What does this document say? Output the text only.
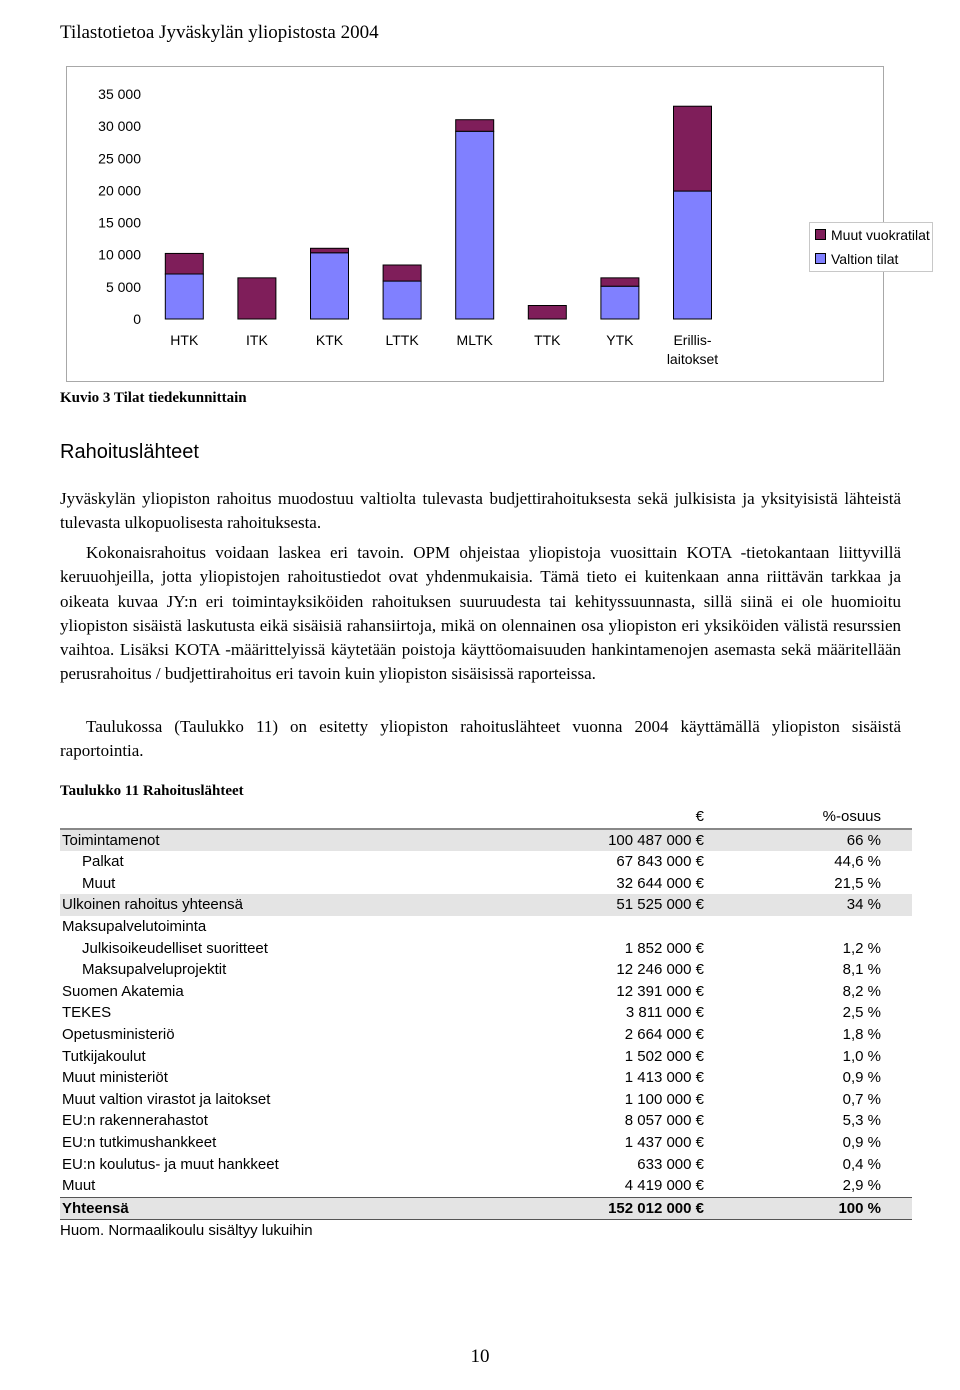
Tilastotietoa Jyväskylän yliopistosta 2004
0
5 000
10 000
15 000
20 000
25 000
30 000
35 000
HTK	ITK	KTK	LTTK	MLTK	TTK	YTK	Erillis-
laitokset
Muut vuokratilat
Valtion tilat
Kuvio 3 Tilat tiedekunnittain
Rahoituslähteet
Jyväskylän yliopiston rahoitus muodostuu valtiolta tulevasta budjettirahoituksesta sekä julkisista ja yksityisistä lähteistä tulevasta ulkopuolisesta rahoituksesta.
Kokonaisrahoitus voidaan laskea eri tavoin. OPM ohjeistaa yliopistoja vuosittain KOTA -tietokantaan liittyvillä keruuohjeilla, jotta yliopistojen rahoitustiedot ovat yhdenmukaisia. Tämä tieto ei kuitenkaan anna riittävän tarkkaa ja oikeata kuvaa JY:n eri toimintayksiköiden rahoituksen suuruudesta tai kehityssuunnasta, sillä siinä ei ole huomioitu yliopiston sisäistä laskutusta eikä sisäisiä rahansiirtoja, mikä on olennainen osa yliopiston eri yksiköiden välistä resurssien vaihtoa. Lisäksi KOTA -määrittelyissä käytetään poistoja käyttöomaisuuden hankintamenojen asemasta sekä määritellään perusrahoitus / budjettirahoitus eri tavoin kuin yliopiston sisäisissä raporteissa.
Taulukossa (Taulukko 11) on esitetty yliopiston rahoituslähteet vuonna 2004 käyttämällä yliopiston sisäistä raportointia.
Taulukko 11 Rahoituslähteet
	€	%-osuus
Toimintamenot	100 487 000 €	66 %
Palkat	67 843 000 €	44,6 %
Muut	32 644 000 €	21,5 %
Ulkoinen rahoitus yhteensä	51 525 000 €	34 %
Maksupalvelutoiminta		
Julkisoikeudelliset suoritteet	1 852 000 €	1,2 %
Maksupalveluprojektit	12 246 000 €	8,1 %
Suomen Akatemia	12 391 000 €	8,2 %
TEKES	3 811 000 €	2,5 %
Opetusministeriö	2 664 000 €	1,8 %
Tutkijakoulut	1 502 000 €	1,0 %
Muut ministeriöt	1 413 000 €	0,9 %
Muut valtion virastot ja laitokset	1 100 000 €	0,7 %
EU:n rakennerahastot	8 057 000 €	5,3 %
EU:n tutkimushankkeet	1 437 000 €	0,9 %
EU:n koulutus- ja muut hankkeet	633 000 €	0,4 %
Muut	4 419 000 €	2,9 %
Yhteensä	152 012 000 €	100 %
Huom. Normaalikoulu sisältyy lukuihin
10
